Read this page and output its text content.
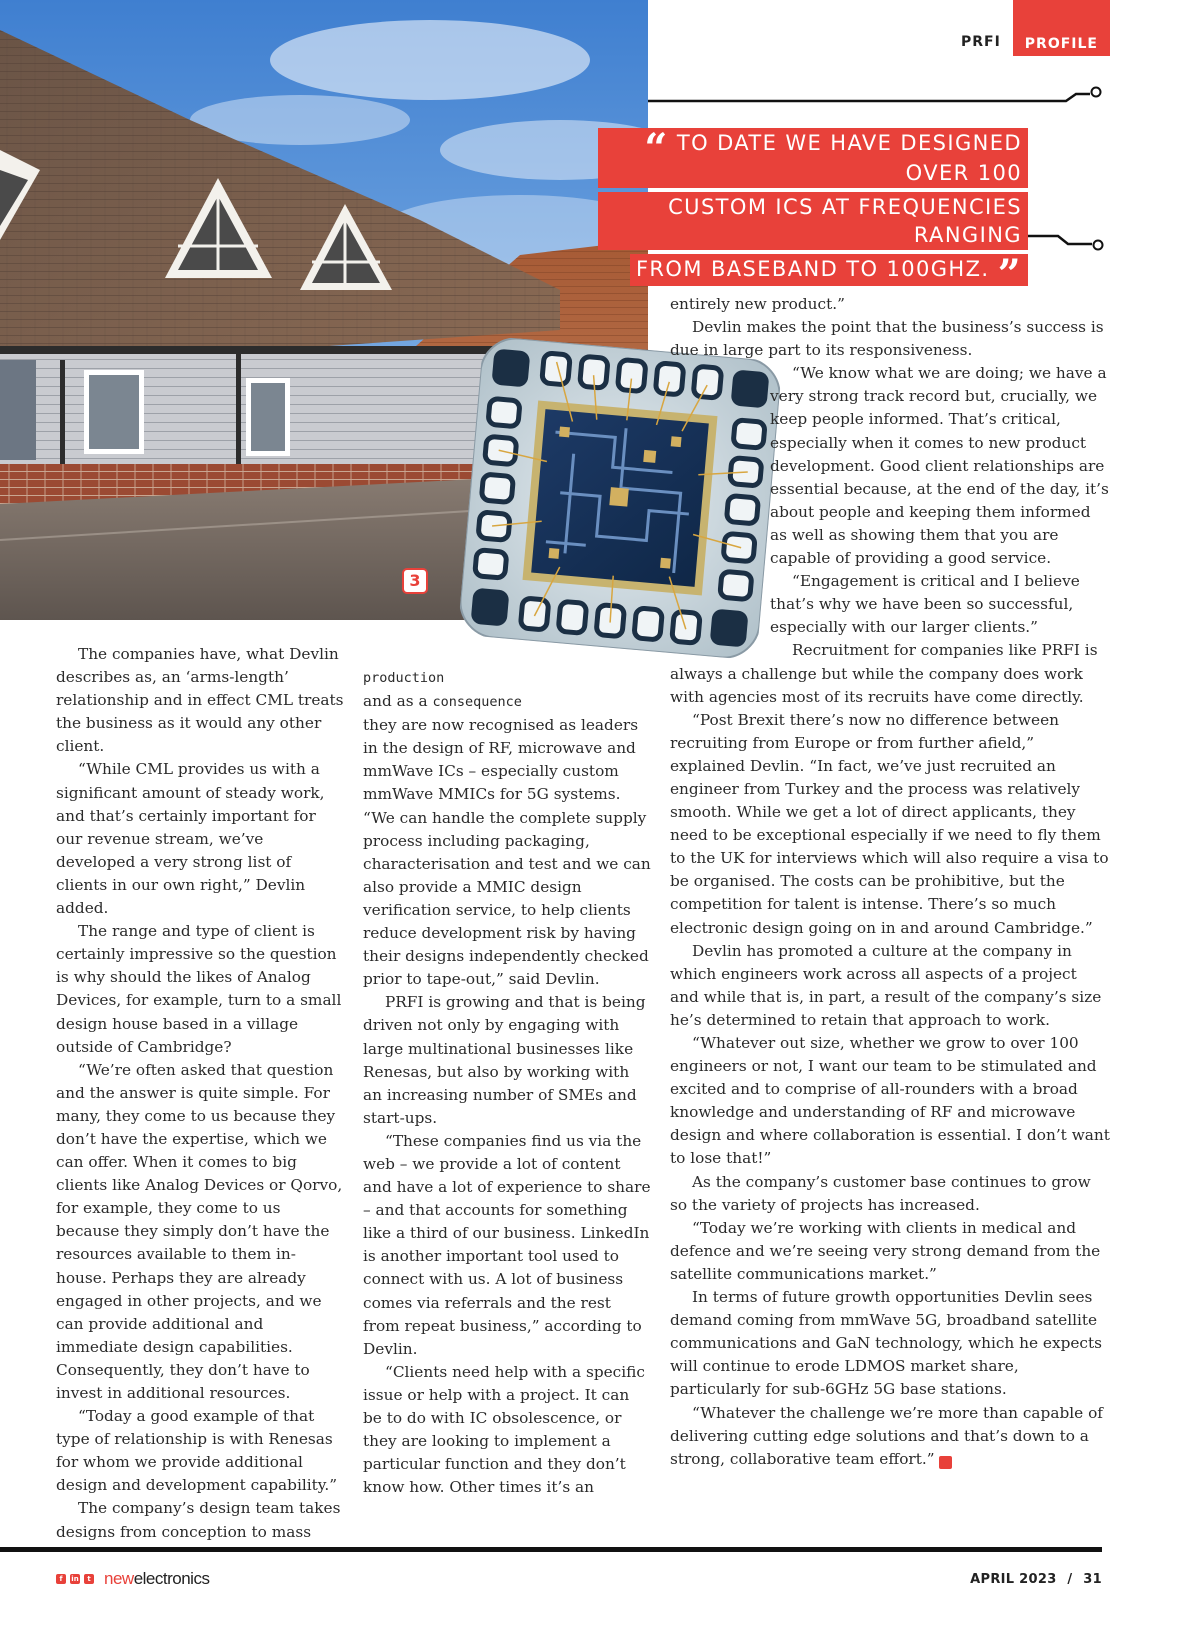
3
PRFI	PROFILE
“ TO DATE WE HAVE DESIGNED OVER 100
CUSTOM ICS AT FREQUENCIES RANGING
FROM BASEBAND TO 100GHZ. ”

The companies have, what Devlin describes as, an ‘arms-length’ relationship and in effect CML treats the business as it would any other client.

“While CML provides us with a significant amount of steady work, and that’s certainly important for our revenue stream, we’ve developed a very strong list of clients in our own right,” Devlin added.

The range and type of client is certainly impressive so the question is why should the likes of Analog Devices, for example, turn to a small design house based in a village outside of Cambridge?

“We’re often asked that question and the answer is quite simple. For many, they come to us because they don’t have the expertise, which we can offer. When it comes to big clients like Analog Devices or Qorvo, for example, they come to us because they simply don’t have the resources available to them in-house. Perhaps they are already engaged in other projects, and we can provide additional and immediate design capabilities. Consequently, they don’t have to invest in additional resources.

“Today a good example of that type of relationship is with Renesas for whom we provide additional design and development capability.”

The company’s design team takes designs from conception to mass

production
and as a consequence
they are now recognised as leaders in the design of RF, microwave and mmWave ICs – especially custom mmWave MMICs for 5G systems. “We can handle the complete supply process including packaging, characterisation and test and we can also provide a MMIC design verification service, to help clients reduce development risk by having their designs independently checked prior to tape-out,” said Devlin.

PRFI is growing and that is being driven not only by engaging with large multinational businesses like Renesas, but also by working with an increasing number of SMEs and start-ups.

“These companies find us via the web – we provide a lot of content and have a lot of experience to share – and that accounts for something like a third of our business. LinkedIn is another important tool used to connect with us. A lot of business comes via referrals and the rest from repeat business,” according to Devlin.

“Clients need help with a specific issue or help with a project. It can be to do with IC obsolescence, or they are looking to implement a particular function and they don’t know how. Other times it’s an

entirely new product.”

Devlin makes the point that the business’s success is due in large part to its responsiveness.

“We know what we are doing; we have a very strong track record but, crucially, we keep people informed. That’s critical, especially when it comes to new product development. Good client relationships are essential because, at the end of the day, it’s about people and keeping them informed as well as showing them that you are capable of providing a good service.

“Engagement is critical and I believe that’s why we have been so successful, especially with our larger clients.”

Recruitment for companies like PRFI is always a challenge but while the company does work with agencies most of its recruits have come directly.

“Post Brexit there’s now no difference between recruiting from Europe or from further afield,” explained Devlin. “In fact, we’ve just recruited an engineer from Turkey and the process was relatively smooth. While we get a lot of direct applicants, they need to be exceptional especially if we need to fly them to the UK for interviews which will also require a visa to be organised. The costs can be prohibitive, but the competition for talent is intense. There’s so much electronic design going on in and around Cambridge.”

Devlin has promoted a culture at the company in which engineers work across all aspects of a project and while that is, in part, a result of the company’s size he’s determined to retain that approach to work.

“Whatever out size, whether we grow to over 100 engineers or not, I want our team to be stimulated and excited and to comprise of all-rounders with a broad knowledge and understanding of RF and microwave design and where collaboration is essential. I don’t want to lose that!”

As the company’s customer base continues to grow so the variety of projects has increased.

“Today we’re working with clients in medical and defence and we’re seeing very strong demand from the satellite communications market.”

In terms of future growth opportunities Devlin sees demand coming from mmWave 5G, broadband satellite communications and GaN technology, which he expects will continue to erode LDMOS market share, particularly for sub-6GHz 5G base stations.

“Whatever the challenge we’re more than capable of delivering cutting edge solutions and that’s down to a strong, collaborative team effort.”	NE

f	in	t newelectronics	APRIL 2023 / 31
